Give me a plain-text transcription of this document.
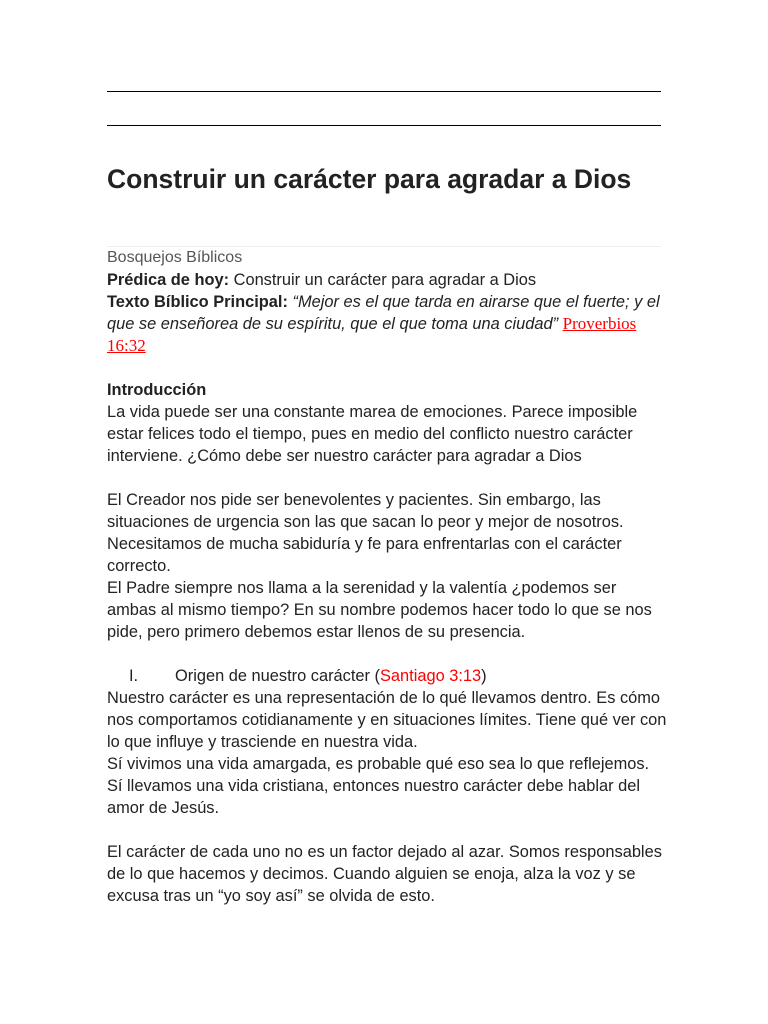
Construir un carácter para agradar a Dios

Bosquejos Bíblicos

Prédica de hoy: Construir un carácter para agradar a Dios

Texto Bíblico Principal: “Mejor es el que tarda en airarse que el fuerte; y el que se enseñorea de su espíritu, que el que toma una ciudad” Proverbios 16:32

Introducción

La vida puede ser una constante marea de emociones. Parece imposible estar felices todo el tiempo, pues en medio del conflicto nuestro carácter interviene. ¿Cómo debe ser nuestro carácter para agradar a Dios

El Creador nos pide ser benevolentes y pacientes. Sin embargo, las situaciones de urgencia son las que sacan lo peor y mejor de nosotros. Necesitamos de mucha sabiduría y fe para enfrentarlas con el carácter correcto.

El Padre siempre nos llama a la serenidad y la valentía ¿podemos ser ambas al mismo tiempo? En su nombre podemos hacer todo lo que se nos pide, pero primero debemos estar llenos de su presencia.

I.	Origen de nuestro carácter (Santiago 3:13)

Nuestro carácter es una representación de lo qué llevamos dentro. Es cómo nos comportamos cotidianamente y en situaciones límites. Tiene qué ver con lo que influye y trasciende en nuestra vida.

Sí vivimos una vida amargada, es probable qué eso sea lo que reflejemos. Sí llevamos una vida cristiana, entonces nuestro carácter debe hablar del amor de Jesús.

El carácter de cada uno no es un factor dejado al azar. Somos responsables de lo que hacemos y decimos. Cuando alguien se enoja, alza la voz y se excusa tras un “yo soy así” se olvida de esto.
